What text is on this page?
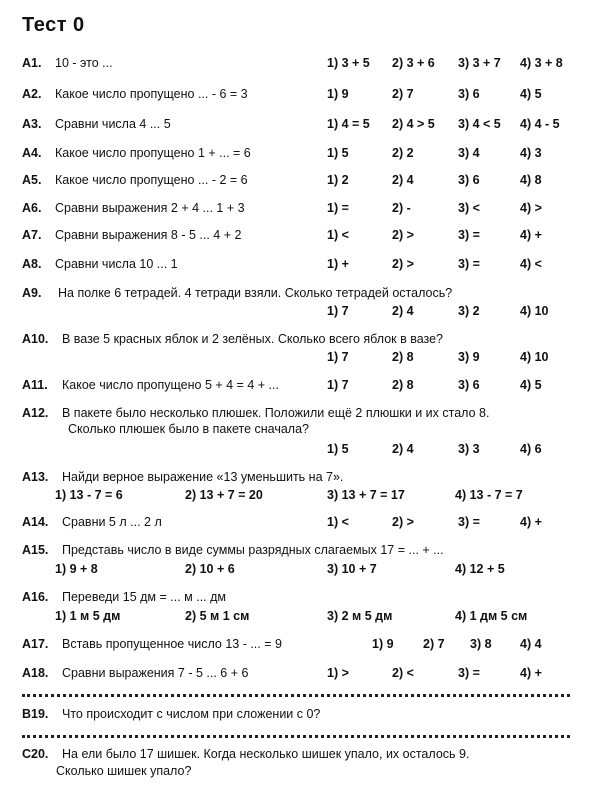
Тест 0
А1. 10 - это ...	1) 3 + 5 2) 3 + 6 3) 3 + 7 4) 3 + 8
А2. Какое число пропущено ... - 6 = 3	1) 9	2) 7	3) 6	4) 5
А3. Сравни числа 4 ... 5	1) 4 = 5 2) 4 > 5 3) 4 < 5 4) 4 - 5
А4. Какое число пропущено 1 + ... = 6	1) 5	2) 2	3) 4	4) 3
А5. Какое число пропущено ... - 2 = 6	1) 2	2) 4	3) 6	4) 8
А6. Сравни выражения 2 + 4 ... 1 + 3	1) =	2) -	3) <	4) >
А7. Сравни выражения 8 - 5 ... 4 + 2	1) <	2) >	3) =	4) +
А8. Сравни числа 10 ... 1	1) +	2) >	3) =	4) <
А9. На полке 6 тетрадей. 4 тетради взяли. Сколько тетрадей осталось?
1) 7	2) 4	3) 2	4) 10
А10. В вазе 5 красных яблок и 2 зелёных. Сколько всего яблок в вазе?
1) 7	2) 8	3) 9	4) 10
А11. Какое число пропущено 5 + 4 = 4 + ...	1) 7	2) 8	3) 6	4) 5
А12. В пакете было несколько плюшек. Положили ещё 2 плюшки и их стало 8.
Сколько плюшек было в пакете сначала?
1) 5	2) 4	3) 3	4) 6
А13. Найди верное выражение «13 уменьшить на 7».
1) 13 - 7 = 6	2) 13 + 7 = 20	3) 13 + 7 = 17	4) 13 - 7 = 7
А14. Сравни 5 л ... 2 л	1) <	2) >	3) =	4) +
А15. Представь число в виде суммы разрядных слагаемых 17 = ... + ...
1) 9 + 8	2) 10 + 6	3) 10 + 7	4) 12 + 5
А16. Переведи 15 дм = ... м ... дм
1) 1 м 5 дм	2) 5 м 1 см	3) 2 м 5 дм	4) 1 дм 5 см
А17. Вставь пропущенное число 13 - ... = 9	1) 9 2) 7 3) 8 4) 4
А18. Сравни выражения 7 - 5 ... 6 + 6	1) >	2) <	3) =	4) +
В19. Что происходит с числом при сложении с 0?
С20. На ели было 17 шишек. Когда несколько шишек упало, их осталось 9.
Сколько шишек упало?
